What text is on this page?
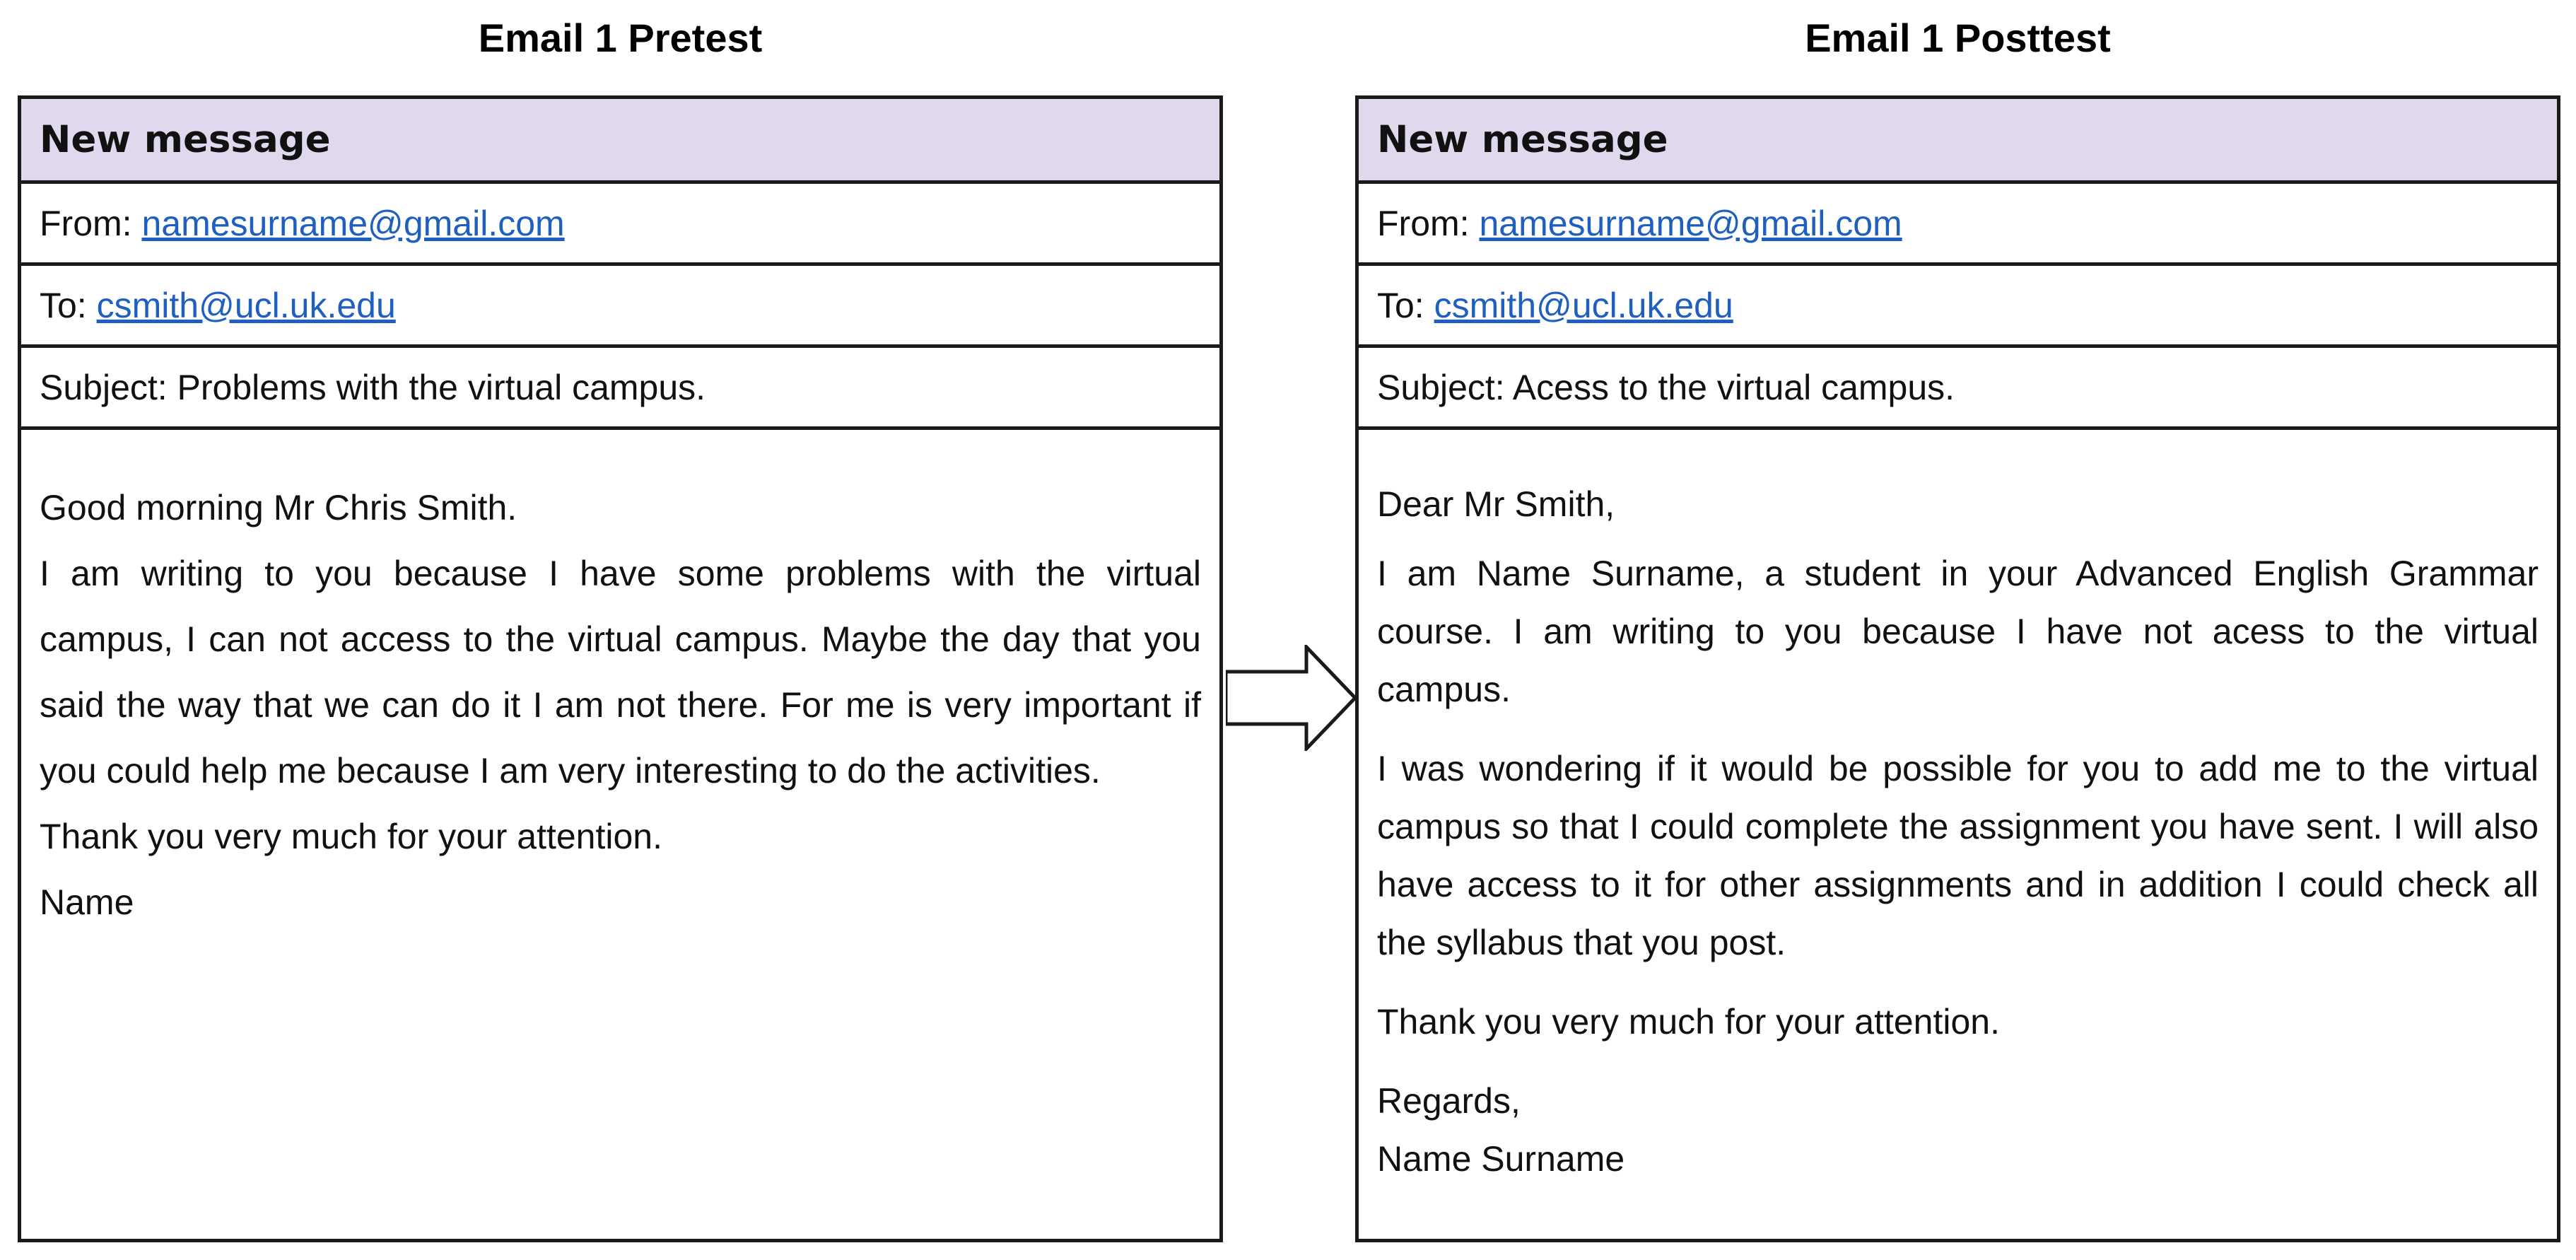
Email 1 Pretest
New message
From:
namesurname@gmail.com
To:
csmith@ucl.uk.edu
Subject: Problems with the virtual campus.

Good morning Mr Chris Smith.

I am writing to you because I have some problems with the virtual campus, I can not access to the virtual campus. Maybe the day that you said the way that we can do it I am not there. For me is very important if you could help me because I am very interesting to do the activities.

Thank you very much for your attention.

Name

Email 1 Posttest
New message
From:
namesurname@gmail.com
To:
csmith@ucl.uk.edu
Subject: Acess to the virtual campus.

Dear Mr Smith,

I am Name Surname, a student in your Advanced English Grammar course. I am writing to you because I have not acess to the virtual campus.

I was wondering if it would be possible for you to add me to the virtual campus so that I could complete the assignment you have sent. I will also have access to it for other assignments and in addition I could check all the syllabus that you post.

Thank you very much for your attention.

Regards,

Name Surname
